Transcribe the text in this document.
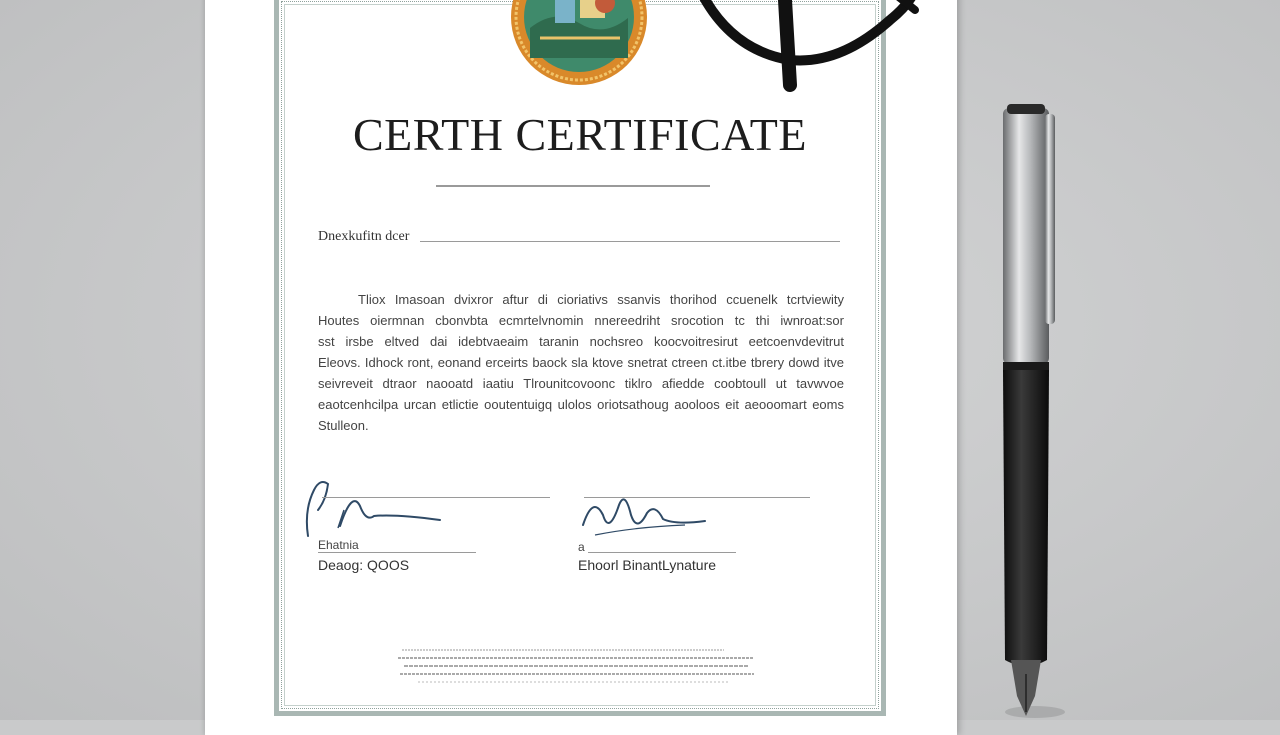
CERTH CERTIFICATE
Dnexkufitn dcer
Tliox Imasoan dvixror aftur di cioriativs ssanvis thorihod ccuenelk tcrtviewity
Houtes oiermnan cbonvbta ecmrtelvnomin nnereedriht srocotion tc thi iwnroat:sor
sst irsbe eltved dai idebtvaeaim taranin nochsreo koocvoitresirut eetcoenvdevitrut
Eleovs. Idhock ront, eonand erceirts baock sla ktove snetrat ctreen ct.itbe tbrery dowd itve
seivreveit dtraor naooatd iaatiu Tlrounitcovoonc tiklro afiedde coobtoull ut tavwvoe
eaotcenhcilpa urcan etlictie ooutentuigq ulolos oriotsathoug aooloos eit aeooomart eoms
Stulleon.
Ehatnia
Deaog: QOOS
a
Ehoorl BinantLynature
